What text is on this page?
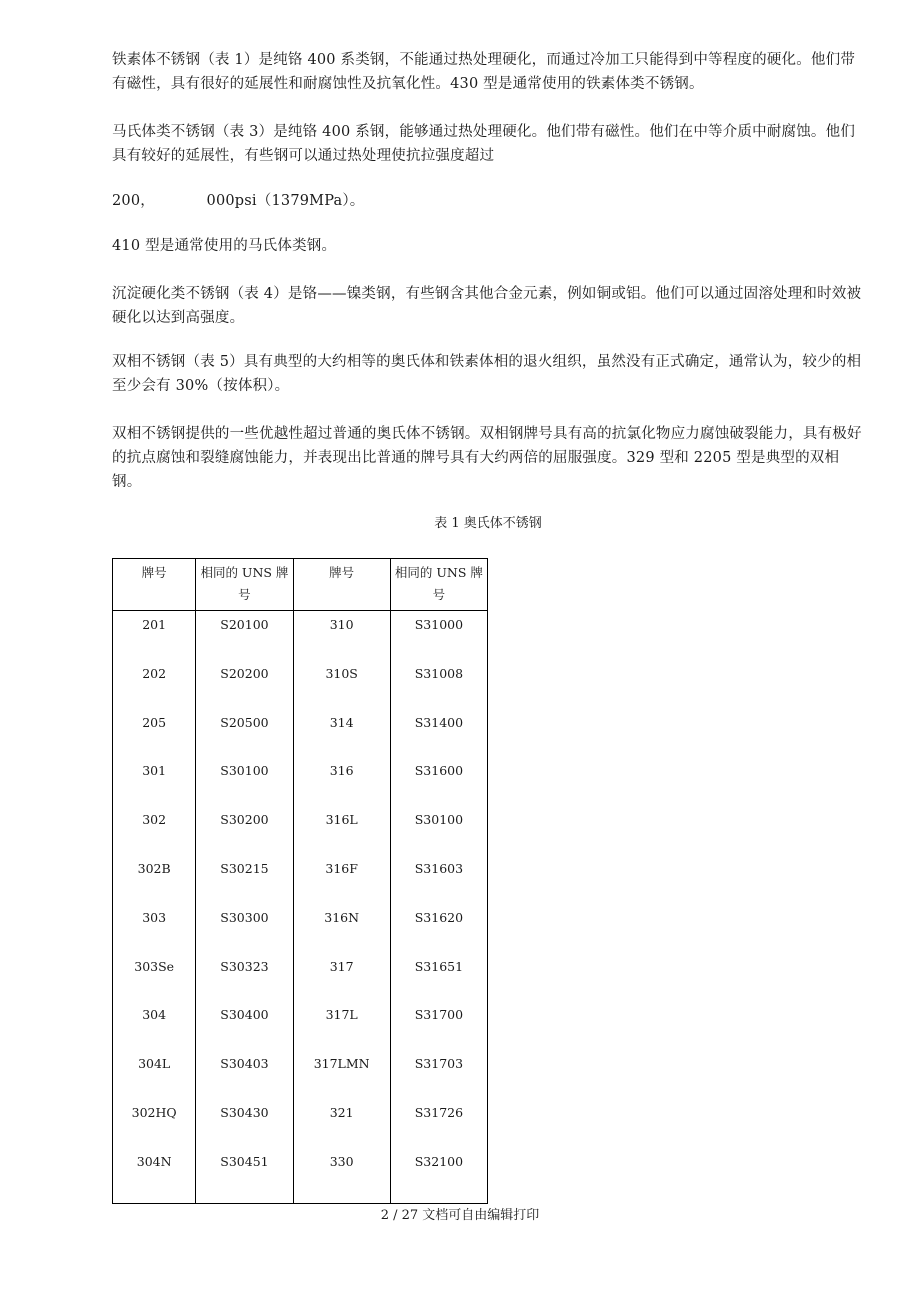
铁素体不锈钢（表 1）是纯铬 400 系类钢，不能通过热处理硬化，而通过冷加工只能得到中等程度的硬化。他们带有磁性，具有很好的延展性和耐腐蚀性及抗氧化性。430 型是通常使用的铁素体类不锈钢。

马氏体类不锈钢（表 3）是纯铬 400 系钢，能够通过热处理硬化。他们带有磁性。他们在中等介质中耐腐蚀。他们具有较好的延展性，有些钢可以通过热处理使抗拉强度超过

200，　　　　000psi（1379MPa）。

410 型是通常使用的马氏体类钢。

沉淀硬化类不锈钢（表 4）是铬——镍类钢，有些钢含其他合金元素，例如铜或铝。他们可以通过固溶处理和时效被硬化以达到高强度。

双相不锈钢（表 5）具有典型的大约相等的奥氏体和铁素体相的退火组织，虽然没有正式确定，通常认为，较少的相至少会有 30%（按体积）。

双相不锈钢提供的一些优越性超过普通的奥氏体不锈钢。双相钢牌号具有高的抗氯化物应力腐蚀破裂能力，具有极好的抗点腐蚀和裂缝腐蚀能力，并表现出比普通的牌号具有大约两倍的屈服强度。329 型和 2205 型是典型的双相钢。

表 1 奥氏体不锈钢
牌号	相同的 UNS 牌号	牌号	相同的 UNS 牌号
201	S20100	310	S31000
202	S20200	310S	S31008
205	S20500	314	S31400
301	S30100	316	S31600
302	S30200	316L	S30100
302B	S30215	316F	S31603
303	S30300	316N	S31620
303Se	S30323	317	S31651
304	S30400	317L	S31700
304L	S30403	317LMN	S31703
302HQ	S30430	321	S31726
304N	S30451	330	S32100
2 / 27 文档可自由编辑打印
